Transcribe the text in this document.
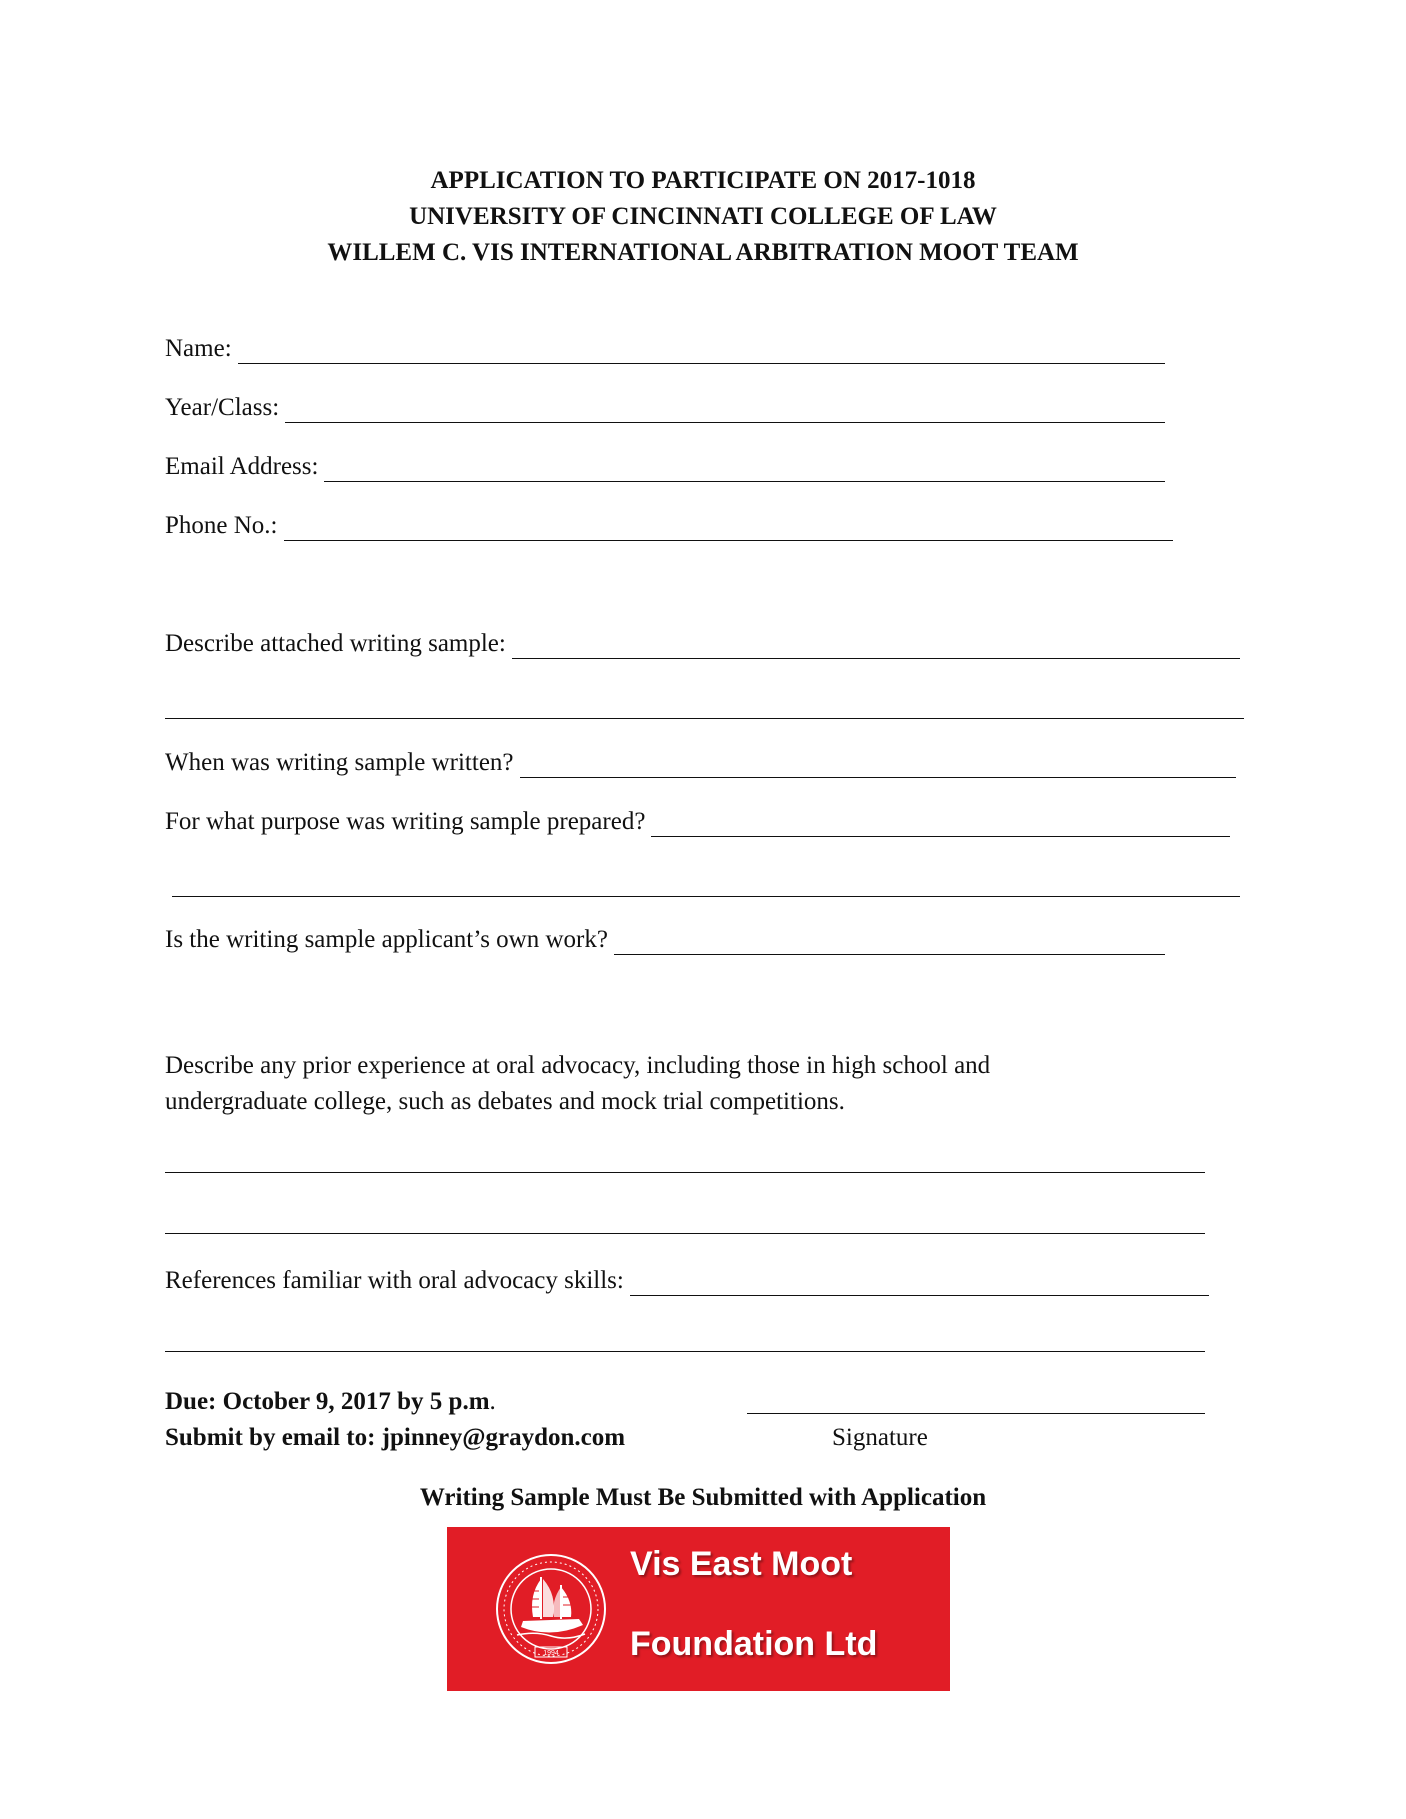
APPLICATION TO PARTICIPATE ON 2017-1018
UNIVERSITY OF CINCINNATI COLLEGE OF LAW
WILLEM C. VIS INTERNATIONAL ARBITRATION MOOT TEAM
Name:
Year/Class:
Email Address:
Phone No.:
Describe attached writing sample:
When was writing sample written?
For what purpose was writing sample prepared?
Is the writing sample applicant’s own work?
Describe any prior experience at oral advocacy, including those in high school and
undergraduate college, such as debates and mock trial competitions.
References familiar with oral advocacy skills:
Due: October 9, 2017 by 5 p.m.
Submit by email to: jpinney@graydon.com	Signature
Writing Sample Must Be Submitted with Application
1994
Vis East Moot
Foundation Ltd
